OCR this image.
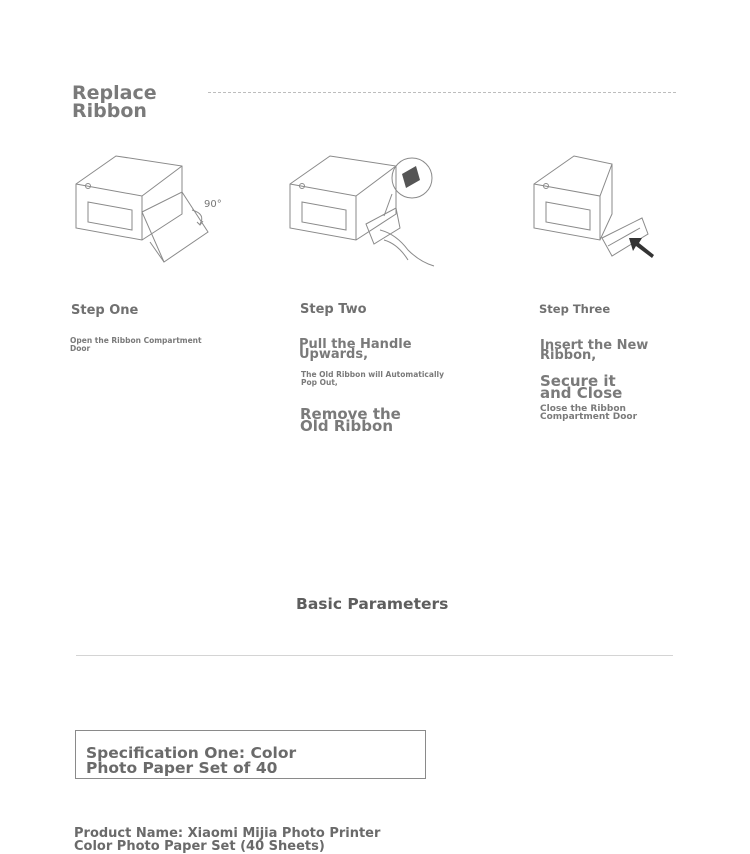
Replace
Ribbon
90°
Step One
Open the Ribbon Compartment
Door
Step Two
Pull the Handle
Upwards,
The Old Ribbon will Automatically
Pop Out,
Remove the
Old Ribbon
Step Three
Insert the New
Ribbon,
Secure it
and Close
Close the Ribbon
Compartment Door
Basic Parameters
Specification One: Color
Photo Paper Set of 40
Product Name: Xiaomi Mijia Photo Printer
Color Photo Paper Set (40 Sheets)
